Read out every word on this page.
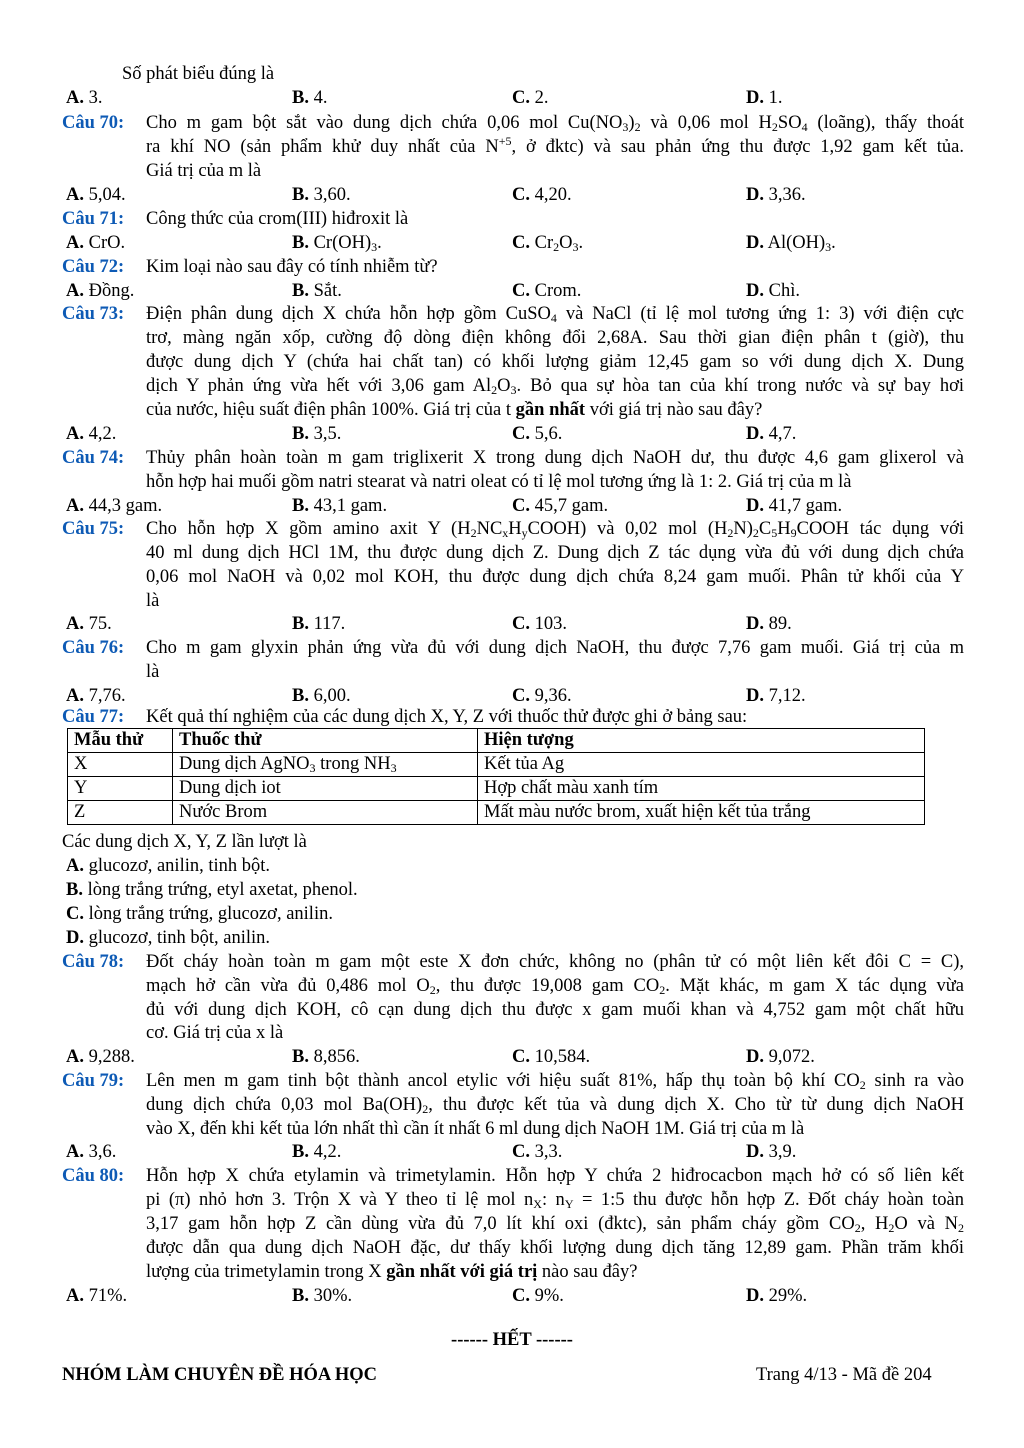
Số phát biểu đúng là
A. 3.	B. 4.	C. 2.	D. 1.
Câu 70: Cho m gam bột sắt vào dung dịch chứa 0,06 mol $Cu(NO_3)_2$ và 0,06 mol $H_2SO_4$ (loãng), thấy thoát
ra khí NO (sản phẩm khử duy nhất của $N^{+5}$, ở đktc) và sau phản ứng thu được 1,92 gam kết tủa.
Giá trị của m là
A. 5,04.	B. 3,60.	C. 4,20.	D. 3,36.
Câu 71: Công thức của crom(III) hiđroxit là
A. CrO.	B. $Cr(OH)_3$.	C. $Cr_2O_3$.	D. $Al(OH)_3$.
Câu 72: Kim loại nào sau đây có tính nhiễm từ?
A. Đồng.	B. Sắt.	C. Crom.	D. Chì.
Câu 73: Điện phân dung dịch X chứa hỗn hợp gồm CuSO$_4$ và NaCl (tỉ lệ mol tương ứng 1: 3) với điện cực
trơ, màng ngăn xốp, cường độ dòng điện không đổi 2,68A. Sau thời gian điện phân t (giờ), thu
được dung dịch Y (chứa hai chất tan) có khối lượng giảm 12,45 gam so với dung dịch X. Dung
dịch Y phản ứng vừa hết với 3,06 gam $Al_2O_3$. Bỏ qua sự hòa tan của khí trong nước và sự bay hơi
của nước, hiệu suất điện phân 100%. Giá trị của t gần nhất với giá trị nào sau đây?
A. 4,2.	B. 3,5.	C. 5,6.	D. 4,7.
Câu 74: Thủy phân hoàn toàn m gam triglixerit X trong dung dịch NaOH dư, thu được 4,6 gam glixerol và
hỗn hợp hai muối gồm natri stearat và natri oleat có tỉ lệ mol tương ứng là 1: 2. Giá trị của m là
A. 44,3 gam.	B. 43,1 gam.	C. 45,7 gam.	D. 41,7 gam.
Câu 75: Cho hỗn hợp X gồm amino axit Y $(H_2NC_xH_yCOOH)$ và 0,02 mol $(H_2N)_2C_5H_9COOH$ tác dụng với
40 ml dung dịch HCl 1M, thu được dung dịch Z. Dung dịch Z tác dụng vừa đủ với dung dịch chứa
0,06 mol NaOH và 0,02 mol KOH, thu được dung dịch chứa 8,24 gam muối. Phân tử khối của Y
là
A. 75.	B. 117.	C. 103.	D. 89.
Câu 76: Cho m gam glyxin phản ứng vừa đủ với dung dịch NaOH, thu được 7,76 gam muối. Giá trị của m
là
A. 7,76.	B. 6,00.	C. 9,36.	D. 7,12.
Câu 77: Kết quả thí nghiệm của các dung dịch X, Y, Z với thuốc thử được ghi ở bảng sau:
Mẫu thử	Thuốc thử	Hiện tượng
X	Dung dịch AgNO$_3$ trong $NH_3$	Kết tủa Ag
Y	Dung dịch iot	Hợp chất màu xanh tím
Z	Nước Brom	Mất màu nước brom, xuất hiện kết tủa trắng
Các dung dịch X, Y, Z lần lượt là
A. glucozơ, anilin, tinh bột.
B. lòng trắng trứng, etyl axetat, phenol.
C. lòng trắng trứng, glucozơ, anilin.
D. glucozơ, tinh bột, anilin.
Câu 78: Đốt cháy hoàn toàn m gam một este X đơn chức, không no (phân tử có một liên kết đôi C = C),
mạch hở cần vừa đủ 0,486 mol $O_2$, thu được 19,008 gam $CO_2$. Mặt khác, m gam X tác dụng vừa
đủ với dung dịch KOH, cô cạn dung dịch thu được x gam muối khan và 4,752 gam một chất hữu
cơ. Giá trị của x là
A. 9,288.	B. 8,856.	C. 10,584.	D. 9,072.
Câu 79: Lên men m gam tinh bột thành ancol etylic với hiệu suất 81%, hấp thụ toàn bộ khí $CO_2$ sinh ra vào
dung dịch chứa 0,03 mol $Ba(OH)_2$, thu được kết tủa và dung dịch X. Cho từ từ dung dịch NaOH
vào X, đến khi kết tủa lớn nhất thì cần ít nhất 6 ml dung dịch NaOH 1M. Giá trị của m là
A. 3,6.	B. 4,2.	C. 3,3.	D. 3,9.
Câu 80: Hỗn hợp X chứa etylamin và trimetylamin. Hỗn hợp Y chứa 2 hiđrocacbon mạch hở có số liên kết
pi (π) nhỏ hơn 3. Trộn X và Y theo tỉ lệ mol $n_X$: $n_Y$ = 1:5 thu được hỗn hợp Z. Đốt cháy hoàn toàn
3,17 gam hỗn hợp Z cần dùng vừa đủ 7,0 lít khí oxi (đktc), sản phẩm cháy gồm $CO_2$, $H_2O$ và $N_2$
được dẫn qua dung dịch NaOH đặc, dư thấy khối lượng dung dịch tăng 12,89 gam. Phần trăm khối
lượng của trimetylamin trong X gần nhất với giá trị nào sau đây?
A. 71%.	B. 30%.	C. 9%.	D. 29%.
------ HẾT ------
NHÓM LÀM CHUYÊN ĐỀ HÓA HỌC	Trang 4/13 - Mã đề 204
